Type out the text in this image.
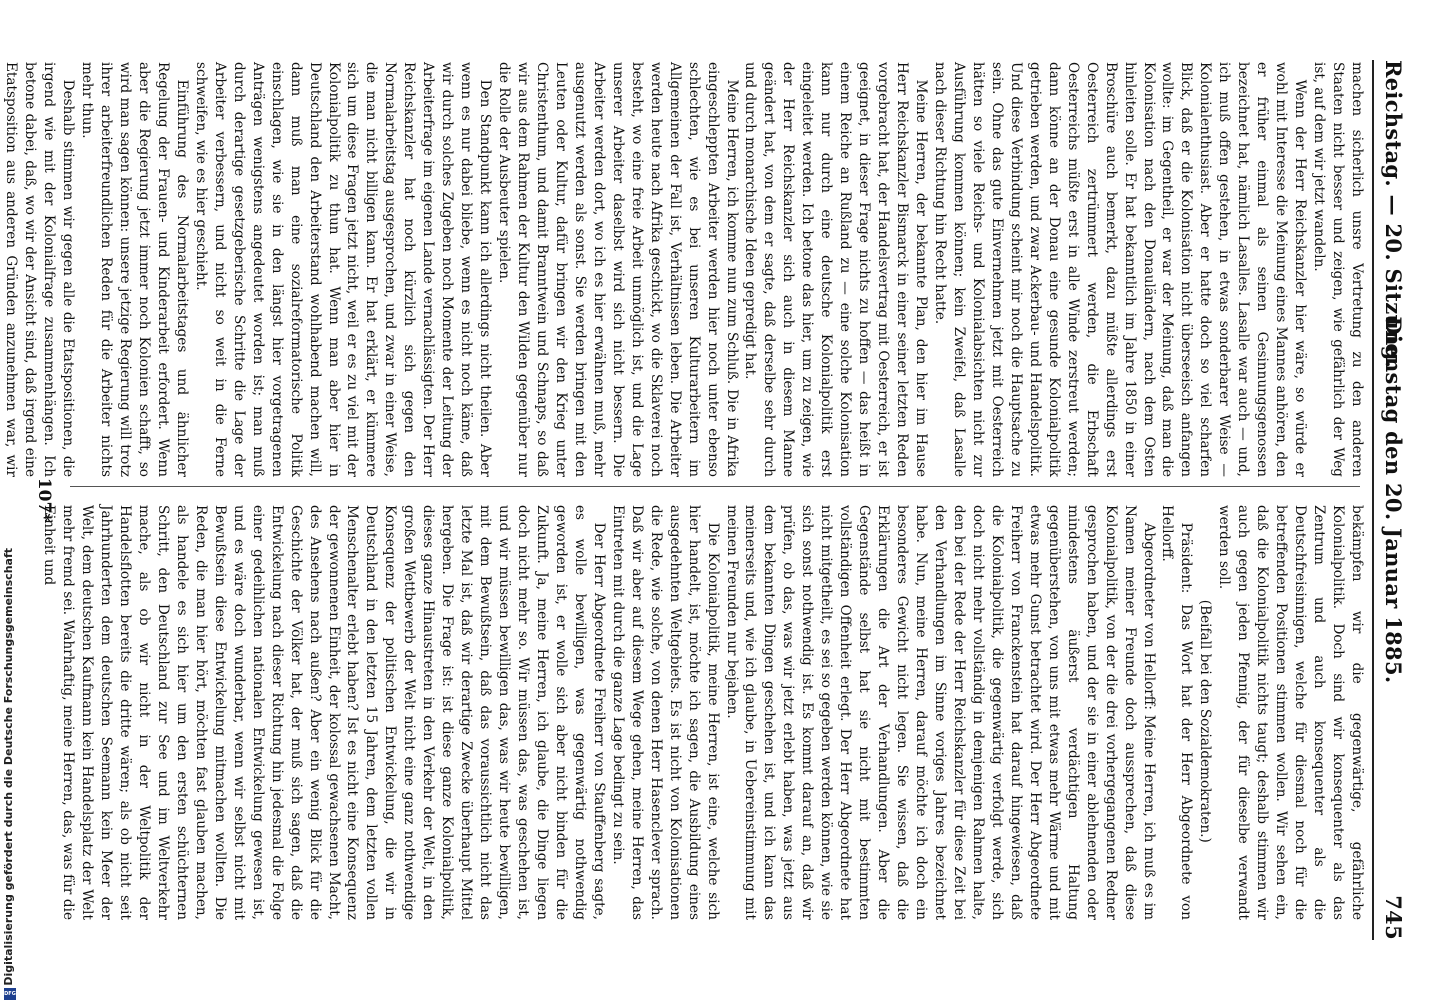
Reichstag. — 20. Sitzung.
Dienstag den 20. Januar 1885.
745

machen sicherlich unsre Vertretung zu den anderen Staaten nicht besser und zeigen, wie gefährlich der Weg ist, auf dem wir jetzt wandeln.

Wenn der Herr Reichskanzler hier wäre, so würde er wohl mit Interesse die Meinung eines Mannes anhören, den er früher einmal als seinen Gesinnungsgenossen bezeichnet hat, nämlich Lasalles. Lasalle war auch — und, ich muß offen gestehen, in etwas sonderbarer Weise — Kolonialenthusiast. Aber er hatte doch so viel scharfen Blick, daß er die Kolonisation nicht überseeisch anfangen wollte: im Gegentheil, er war der Meinung, daß man die Kolonisation nach den Donauländern, nach dem Osten hinleiten solle. Er hat bekanntlich im Jahre 1850 in einer Broschüre auch bemerkt, dazu müßte allerdings erst Oesterreich zertrümmert werden, die Erbschaft Oesterreichs müßte erst in alle Winde zerstreut werden; dann könne an der Donau eine gesunde Kolonialpolitik getrieben werden, und zwar Ackerbau- und Handelspolitik. Und diese Verbindung scheint mir noch die Hauptsache zu sein. Ohne das gute Einvernehmen jetzt mit Oesterreich hätten so viele Reichs- und Kolonialabsichten nicht zur Ausführung kommen können; kein Zweifel, daß Lasalle nach dieser Richtung hin Recht hatte.

Meine Herren, der bekannte Plan, den hier im Hause Herr Reichskanzler Bismarck in einer seiner letzten Reden vorgebracht hat, der Handelsvertrag mit Oesterreich, er ist geeignet, in dieser Frage nichts zu hoffen — das heißt in einem Reiche an Rußland zu — eine solche Kolonisation kann nur durch eine deutsche Kolonialpolitik erst eingeleitet werden. Ich betone das hier, um zu zeigen, wie der Herr Reichskanzler sich auch in diesem Manne geändert hat, von dem er sagte, daß derselbe sehr durch und durch monarchische Ideen gepredigt hat.

Meine Herren, ich komme nun zum Schluß. Die in Afrika eingeschleppten Arbeiter werden hier noch unter ebenso schlechten, wie es bei unseren Kulturarbeitern im Allgemeinen der Fall ist, Verhältnissen leben. Die Arbeiter werden heute nach Afrika geschickt, wo die Sklaverei noch besteht, wo eine freie Arbeit unmöglich ist, und die Lage unserer Arbeiter daselbst wird sich nicht bessern. Die Arbeiter werden dort, wo ich es hier erwähnen muß, mehr ausgenutzt werden als sonst. Sie werden bringen mit den Leuten oder Kultur, dafür bringen wir den Krieg unter Christenthum, und damit Branntwein und Schnaps, so daß wir aus dem Rahmen der Kultur den Wilden gegenüber nur die Rolle der Ausbeuter spielen.

Den Standpunkt kann ich allerdings nicht theilen. Aber wenn es nur dabei bliebe, wenn es nicht noch käme, daß wir durch solches Zugeben noch Momente der Leitung der Arbeiterfrage im eigenen Lande vernachlässigten. Der Herr Reichskanzler hat noch kürzlich sich gegen den Normalarbeitstag ausgesprochen, und zwar in einer Weise, die man nicht billigen kann. Er hat erklärt, er kümmere sich um diese Fragen jetzt nicht, weil er es zu viel mit der Kolonialpolitik zu thun hat. Wenn man aber hier in Deutschland den Arbeiterstand wohlhabend machen will, dann muß man eine sozialreformatorische Politik einschlagen, wie sie in den längst hier vorgetragenen Anträgen wenigstens angedeutet worden ist; man muß durch derartige gesetzgeberische Schritte die Lage der Arbeiter verbessern, und nicht so weit in die Ferne schweifen, wie es hier geschieht.

Einführung des Normalarbeitstages und ähnlicher Regelung der Frauen- und Kinderarbeit erfordert. Wenn aber die Regierung jetzt immer noch Kolonien schafft, so wird man sagen können: unsere jetzige Regierung will trotz ihrer arbeiterfreundlichen Reden für die Arbeiter nichts mehr thun.

Deshalb stimmen wir gegen alle die Etatspositionen, die irgend wie mit der Kolonialfrage zusammenhängen. Ich betone dabei, daß, wo wir der Ansicht sind, daß irgend eine Etatsposition aus anderen Gründen anzunehmen war, wir

bekämpfen wir die gegenwärtige, gefährliche Kolonialpolitik. Doch sind wir konsequenter als das Zentrum und auch konsequenter als die Deutschfreisinnigen, welche für diesmal noch für die betreffenden Positionen stimmen wollen. Wir sehen ein, daß die Kolonialpolitik nichts taugt; deshalb stimmen wir auch gegen jeden Pfennig, der für dieselbe verwandt werden soll.

(Beifall bei den Sozialdemokraten.)

Präsident: Das Wort hat der Herr Abgeordnete von Hellorff.

Abgeordneter von Hellorff: Meine Herren, ich muß es im Namen meiner Freunde doch aussprechen, daß diese Kolonialpolitik, von der die drei vorhergegangenen Redner gesprochen haben, und der sie in einer ablehnenden oder mindestens äußerst verdächtigen Haltung gegenüberstehen, von uns mit etwas mehr Wärme und mit etwas mehr Gunst betrachtet wird. Der Herr Abgeordnete Freiherr von Franckenstein hat darauf hingewiesen, daß die Kolonialpolitik, die gegenwärtig verfolgt werde, sich doch nicht mehr vollständig in demjenigen Rahmen halte, den bei der Rede der Herr Reichskanzler für diese Zeit bei den Verhandlungen im Sinne voriges Jahres bezeichnet habe. Nun, meine Herren, darauf möchte ich doch ein besonderes Gewicht nicht legen. Sie wissen, daß die Erklärungen die Art der Verhandlungen. Aber die Gegenstände selbst hat sie nicht mit bestimmten vollständigen Offenheit erlegt. Der Herr Abgeordnete hat nicht mitgetheilt, es sei so gegeben werden können, wie sie sich sonst nothwendig ist. Es kommt darauf an, daß wir prüfen, ob das, was wir jetzt erlebt haben, was jetzt aus dem bekannten Dingen geschehen ist, und ich kann das meinerseits und, wie ich glaube, in Uebereinstimmung mit meinen Freunden nur bejahen.

Die Kolonialpolitik, meine Herren, ist eine, welche sich hier handelt, ist, möchte ich sagen, die Ausbildung eines ausgedehnten Weltgebiets. Es ist nicht von Kolonisationen die Rede, wie solche, von denen Herr Hasenclever sprach. Daß wir aber auf diesem Wege gehen, meine Herren, das Eintreten mit durch die ganze Lage bedingt zu sein.

Der Herr Abgeordnete Freiherr von Stauffenberg sagte, es wolle bewilligen, was gegenwärtig nothwendig geworden ist, er wolle sich aber nicht binden für die Zukunft. Ja, meine Herren, ich glaube, die Dinge liegen doch nicht mehr so. Wir müssen das, was geschehen ist, und wir müssen bewilligen das, was wir heute bewilligen, mit dem Bewußtsein, daß das voraussichtlich nicht das letzte Mal ist, daß wir derartige Zwecke überhaupt Mittel hergeben. Die Frage ist: ist diese ganze Kolonialpolitik, dieses ganze Hinaustreten in den Verkehr der Welt, in den großen Wettbewerb der Welt nicht eine ganz nothwendige Konsequenz der politischen Entwickelung, die wir in Deutschland in den letzten 15 Jahren, dem letzten vollen Menschenalter erlebt haben? Ist es nicht eine Konsequenz der gewonnenen Einheit, der kolossal gewachsenen Macht, des Ansehens nach außen? Aber ein wenig Blick für die Geschichte der Völker hat, der muß sich sagen, daß die Entwickelung nach dieser Richtung hin jedesmal die Folge einer gedeihlichen nationalen Entwickelung gewesen ist, und es wäre doch wunderbar, wenn wir selbst nicht mit Bewußtsein diese Entwickelung mitmachen wollten. Die Reden, die man hier hört, möchten fast glauben machen, als handele es sich hier um den ersten schüchternen Schritt, den Deutschland zur See und im Weltverkehr mache, als ob wir nicht in der Weltpolitik der Handelsflotten bereits die dritte wären; als ob nicht seit Jahrhunderten dem deutschen Seemann kein Meer der Welt, dem deutschen Kaufmann kein Handelsplatz der Welt mehr fremd sei. Wahrhaftig, meine Herren, das, was für die Einheit und

107*
Digitalisierung gefördert durch die Deutsche Forschungsgemeinschaft
DFG
